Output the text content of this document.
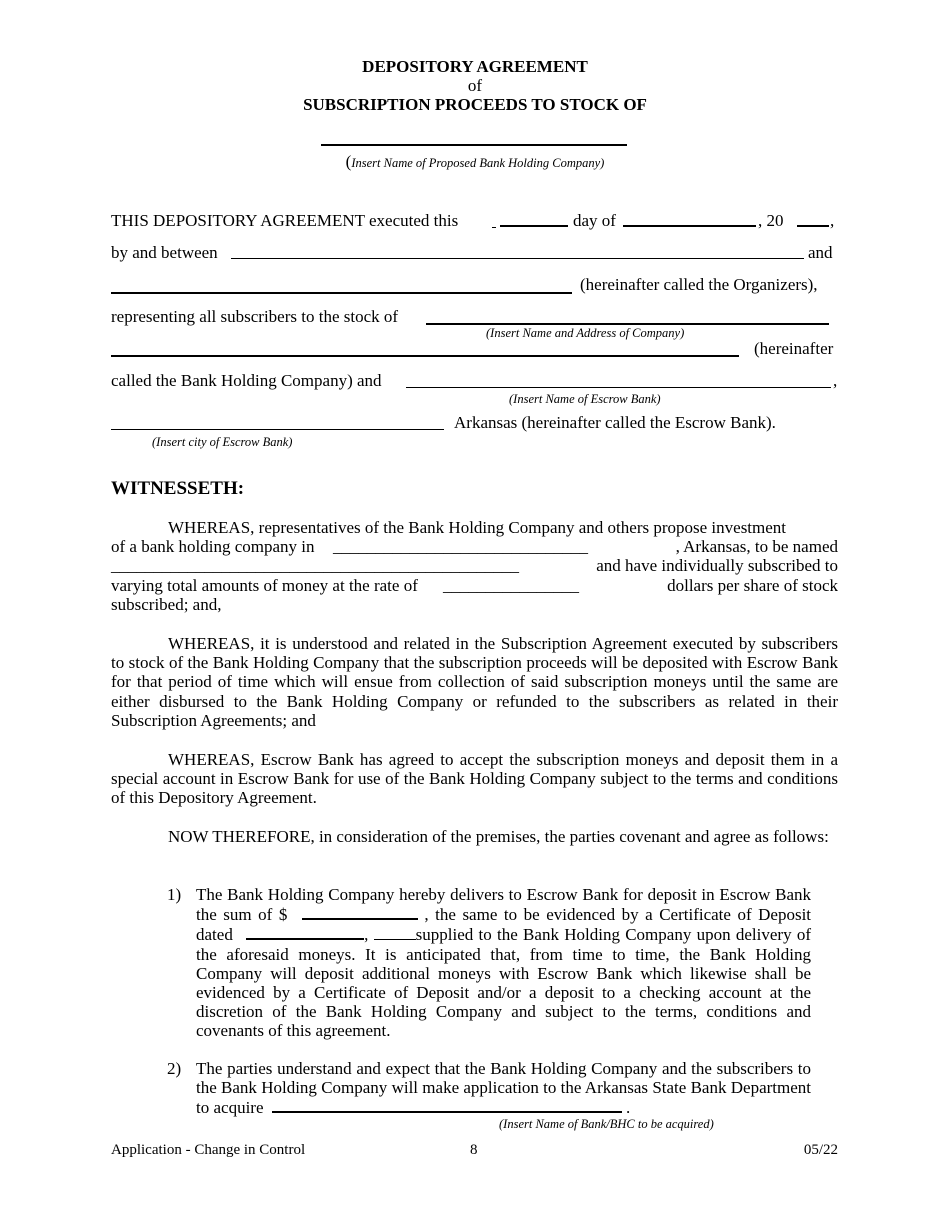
DEPOSITORY AGREEMENT
of
SUBSCRIPTION PROCEEDS TO STOCK OF
(Insert Name of Proposed Bank Holding Company)
THIS DEPOSITORY AGREEMENT executed this	day of	, 20	,
by and between	and
(hereinafter called the Organizers),
representing all subscribers to the stock of
(Insert Name and Address of Company)
(hereinafter
called the Bank Holding Company) and	,
(Insert Name of Escrow Bank)
Arkansas (hereinafter called the Escrow Bank).
(Insert city of Escrow Bank)
WITNESSETH:
WHEREAS, representatives of the Bank Holding Company and others propose investment
of a bank holding company in ______________________________	, Arkansas, to be named
________________________________________________	and have individually subscribed to
varying total amounts of money at the rate of ________________	dollars per share of stock
subscribed; and,
WHEREAS, it is understood and related in the Subscription Agreement executed by subscribers to stock of the Bank Holding Company that the subscription proceeds will be deposited with Escrow Bank for that period of time which will ensue from collection of said subscription moneys until the same are either disbursed to the Bank Holding Company or refunded to the subscribers as related in their Subscription Agreements; and
WHEREAS, Escrow Bank has agreed to accept the subscription moneys and deposit them in a special account in Escrow Bank for use of the Bank Holding Company subject to the terms and conditions of this Depository Agreement.
NOW THEREFORE, in consideration of the premises, the parties covenant and agree as follows:
1) The Bank Holding Company hereby delivers to Escrow Bank for deposit in Escrow Bank the sum of $	, the same to be evidenced by a Certificate of Deposit dated	,	supplied to the Bank Holding Company upon delivery of the aforesaid moneys. It is anticipated that, from time to time, the Bank Holding Company will deposit additional moneys with Escrow Bank which likewise shall be evidenced by a Certificate of Deposit and/or a deposit to a checking account at the discretion of the Bank Holding Company and subject to the terms, conditions and covenants of this agreement.
2) The parties understand and expect that the Bank Holding Company and the subscribers to the Bank Holding Company will make application to the Arkansas State Bank Department to acquire	.
(Insert Name of Bank/BHC to be acquired)
Application - Change in Control	8	05/22
